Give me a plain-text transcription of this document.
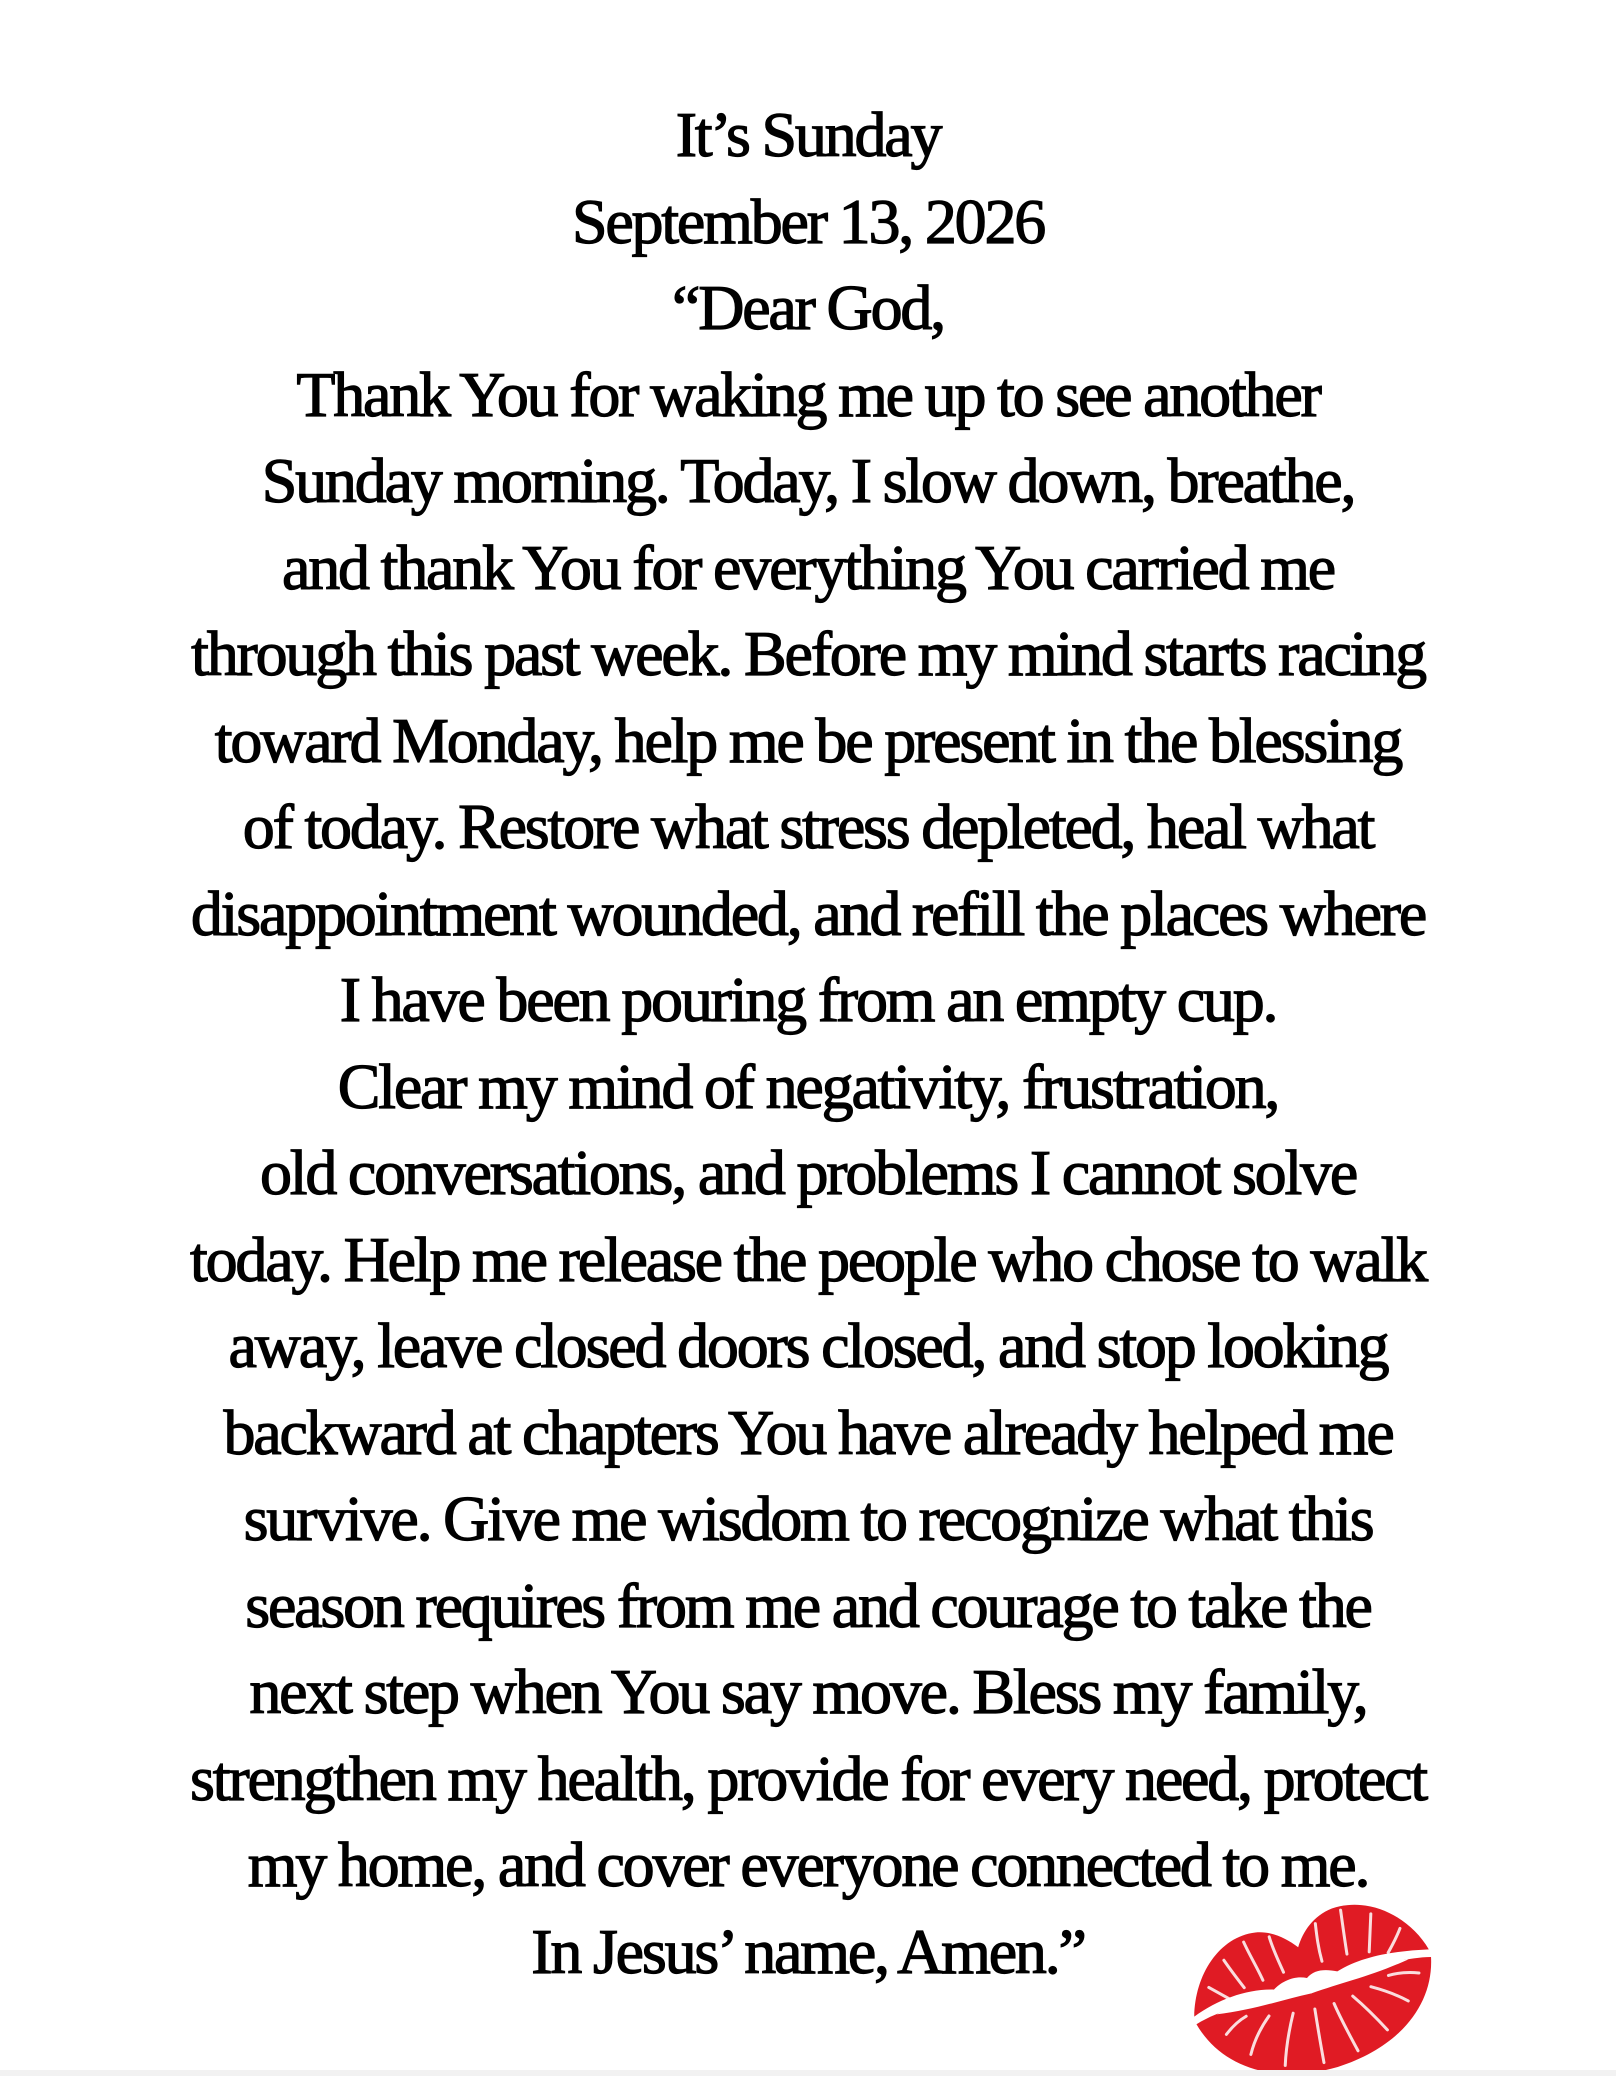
It’s Sunday
September 13, 2026
“Dear God,
Thank You for waking me up to see another
Sunday morning. Today, I slow down, breathe,
and thank You for everything You carried me
through this past week. Before my mind starts racing
toward Monday, help me be present in the blessing
of today. Restore what stress depleted, heal what
disappointment wounded, and refill the places where
I have been pouring from an empty cup.
Clear my mind of negativity, frustration,
old conversations, and problems I cannot solve
today. Help me release the people who chose to walk
away, leave closed doors closed, and stop looking
backward at chapters You have already helped me
survive. Give me wisdom to recognize what this
season requires from me and courage to take the
next step when You say move. Bless my family,
strengthen my health, provide for every need, protect
my home, and cover everyone connected to me.
In Jesus’ name, Amen.”
